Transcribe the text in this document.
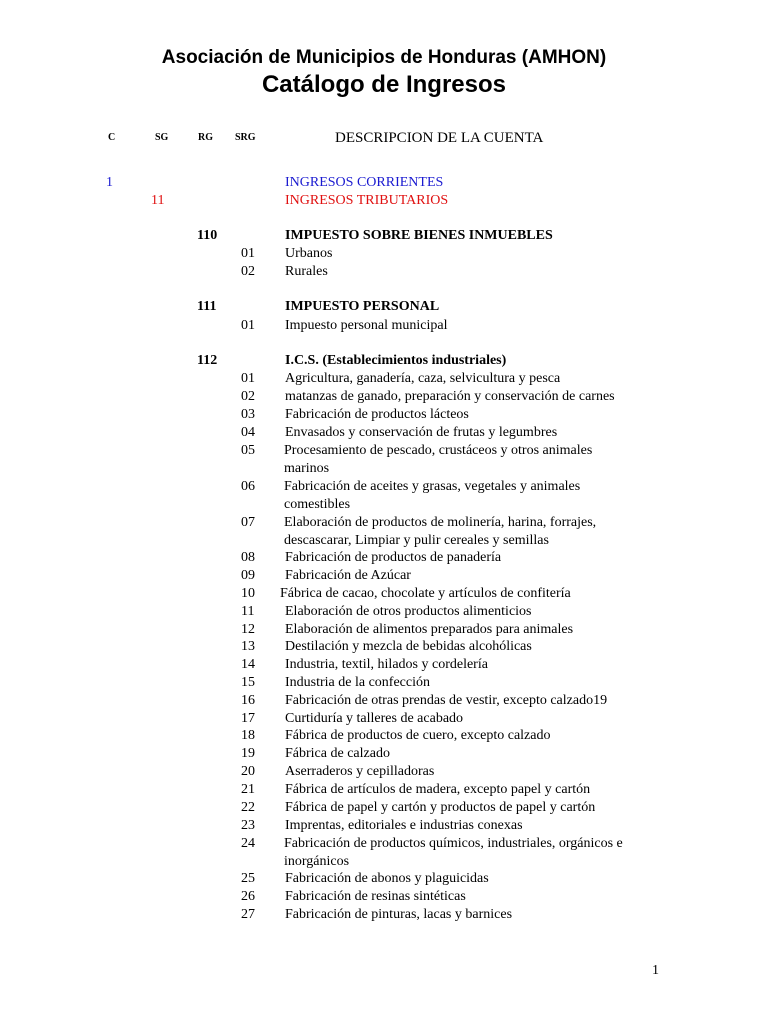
Asociación de Municipios de Honduras (AMHON)
Catálogo de Ingresos
C	SG	RG SRG	DESCRIPCION DE LA CUENTA
1	INGRESOS CORRIENTES
11	INGRESOS TRIBUTARIOS
110	IMPUESTO SOBRE BIENES INMUEBLES
01 Urbanos
02 Rurales
111	IMPUESTO PERSONAL
01 Impuesto personal municipal
112	I.C.S. (Establecimientos industriales)
01 Agricultura, ganadería, caza, selvicultura y pesca
02 matanzas de ganado, preparación y conservación de carnes
03 Fabricación de productos lácteos
04 Envasados y conservación de frutas y legumbres
05 Procesamiento de pescado, crustáceos y otros animales marinos
06 Fabricación de aceites y grasas, vegetales y animales comestibles
07 Elaboración de productos de molinería, harina, forrajes, descascarar, Limpiar y pulir cereales y semillas
08 Fabricación de productos de panadería
09 Fabricación de Azúcar
10 Fábrica de cacao, chocolate y artículos de confitería
11 Elaboración de otros productos alimenticios
12 Elaboración de alimentos preparados para animales
13 Destilación y mezcla de bebidas alcohólicas
14 Industria, textil, hilados y cordelería
15 Industria de la confección
16 Fabricación de otras prendas de vestir, excepto calzado19
17 Curtiduría y talleres de acabado
18 Fábrica de productos de cuero, excepto calzado
19 Fábrica de calzado
20 Aserraderos y cepilladoras
21 Fábrica de artículos de madera, excepto papel y cartón
22 Fábrica de papel y cartón y productos de papel y cartón
23 Imprentas, editoriales e industrias conexas
24 Fabricación de productos químicos, industriales, orgánicos e inorgánicos
25 Fabricación de abonos y plaguicidas
26 Fabricación de resinas sintéticas
27 Fabricación de pinturas, lacas y barnices
1
